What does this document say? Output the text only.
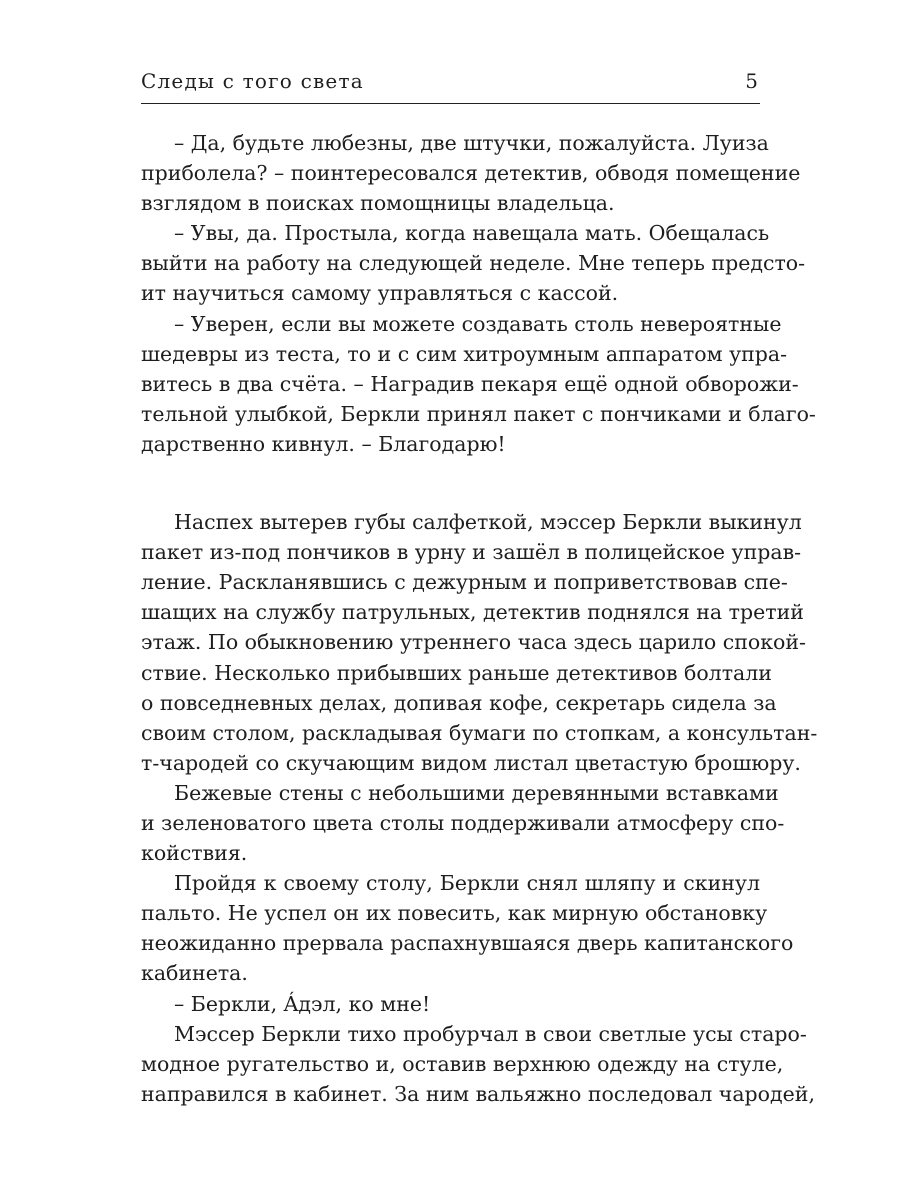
Следы с того света	5
– Да, будьте любезны, две штучки, пожалуйста. Луиза
приболела? – поинтересовался детектив, обводя помещение
взглядом в поисках помощницы владельца.
– Увы, да. Простыла, когда навещала мать. Обещалась
выйти на работу на следующей неделе. Мне теперь предсто-
ит научиться самому управляться с кассой.
– Уверен, если вы можете создавать столь невероятные
шедевры из теста, то и с сим хитроумным аппаратом упра-
витесь в два счёта. – Наградив пекаря ещё одной обворожи-
тельной улыбкой, Беркли принял пакет с пончиками и благо-
дарственно кивнул. – Благодарю!
Наспех вытерев губы салфеткой, мэссер Беркли выкинул
пакет из-под пончиков в урну и зашёл в полицейское управ-
ление. Раскланявшись с дежурным и поприветствовав спе-
шащих на службу патрульных, детектив поднялся на третий
этаж. По обыкновению утреннего часа здесь царило спокой-
ствие. Несколько прибывших раньше детективов болтали
о повседневных делах, допивая кофе, секретарь сидела за
своим столом, раскладывая бумаги по стопкам, а консультан-
т-чародей со скучающим видом листал цветастую брошюру.
Бежевые стены с небольшими деревянными вставками
и зеленоватого цвета столы поддерживали атмосферу спо-
койствия.
Пройдя к своему столу, Беркли снял шляпу и скинул
пальто. Не успел он их повесить, как мирную обстановку
неожиданно прервала распахнувшаяся дверь капитанского
кабинета.
– Беркли, Áдэл, ко мне!
Мэссер Беркли тихо пробурчал в свои светлые усы старо-
модное ругательство и, оставив верхнюю одежду на стуле,
направился в кабинет. За ним вальяжно последовал чародей,
